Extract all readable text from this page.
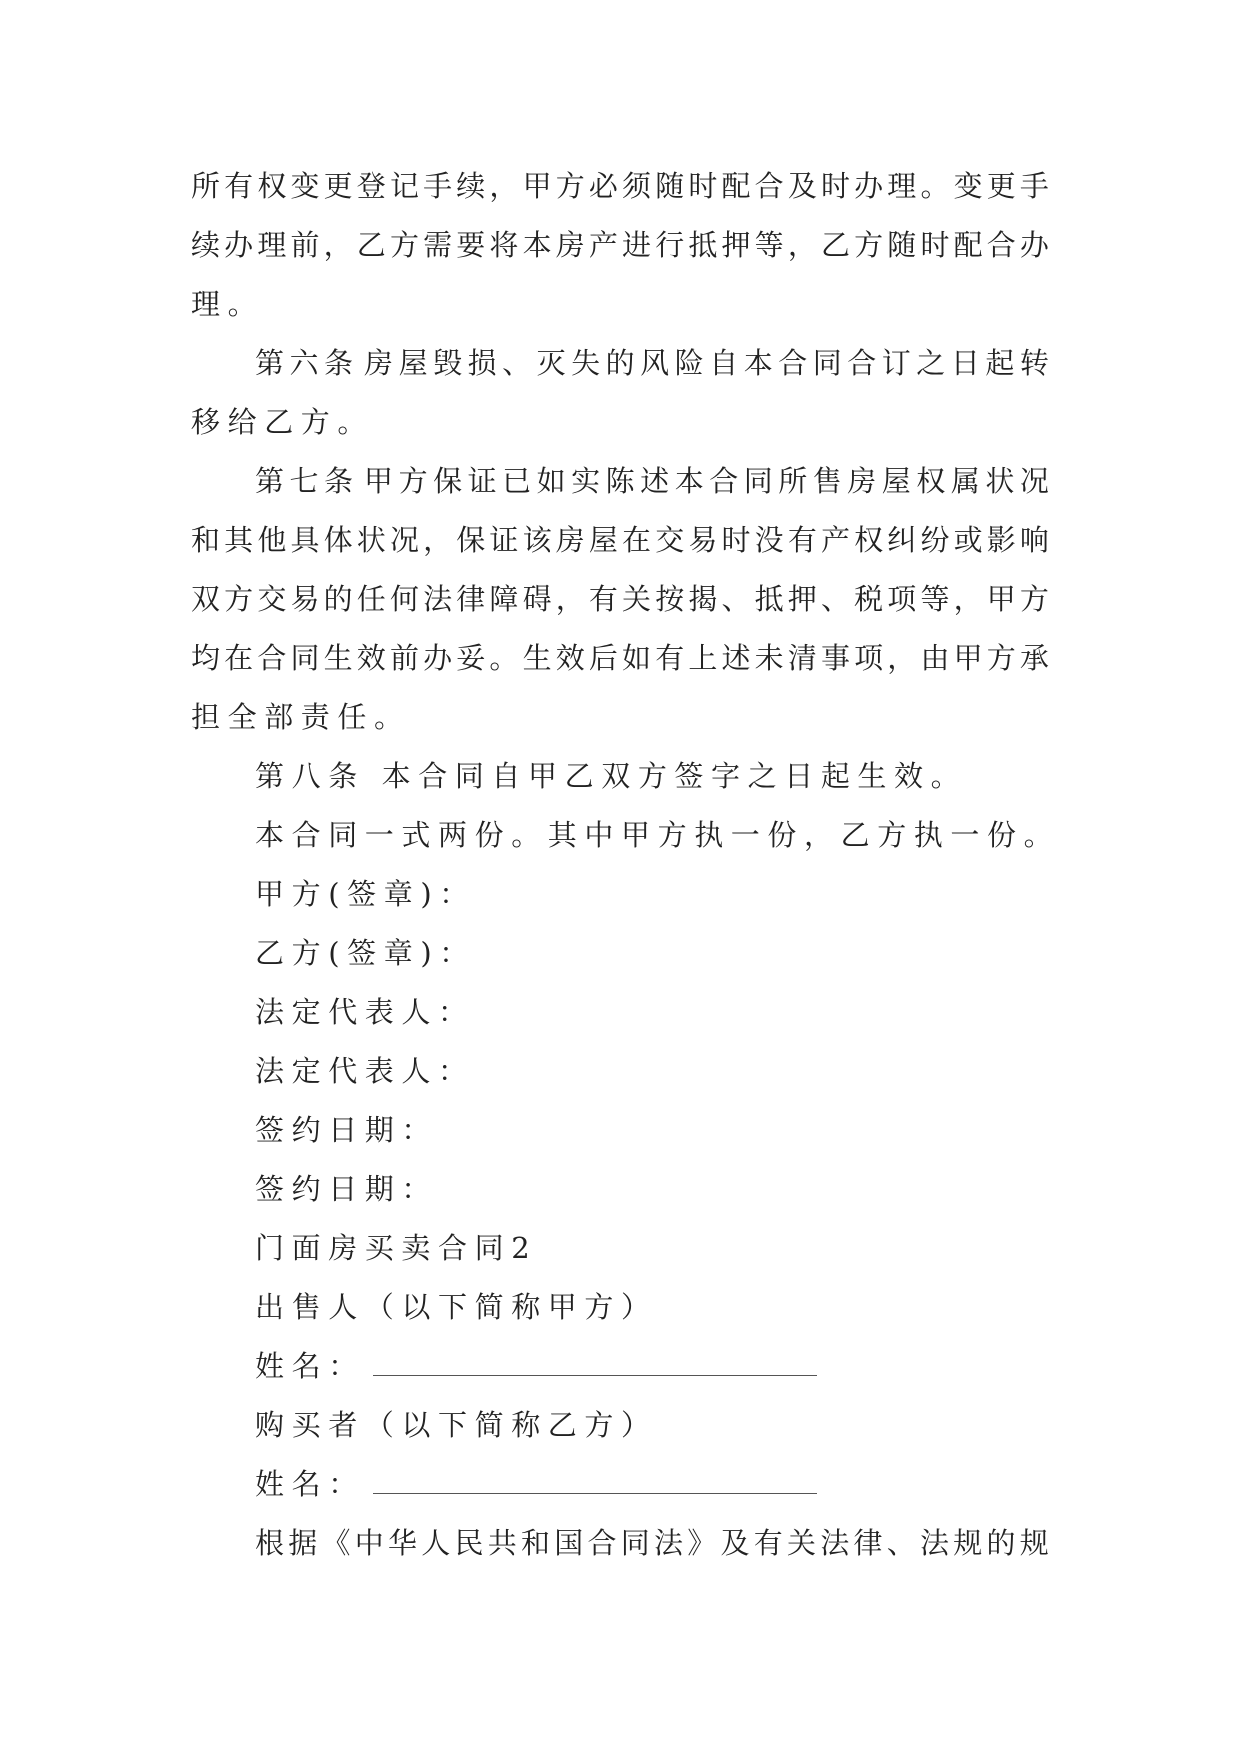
所 有 权 变 更 登 记 手 续 ， 甲 方 必 须 随 时 配 合 及 时 办 理 。 变 更 手
续 办 理 前 ， 乙 方 需 要 将 本 房 产 进 行 抵 押 等 ， 乙 方 随 时 配 合 办
理。
第 六 条 房 屋 毁 损 、 灭 失 的 风 险 自 本 合 同 合 订 之 日 起 转
移给乙方。
第 七 条 甲 方 保 证 已 如 实 陈 述 本 合 同 所 售 房 屋 权 属 状 况
和 其 他 具 体 状 况 ， 保 证 该 房 屋 在 交 易 时 没 有 产 权 纠 纷 或 影 响
双 方 交 易 的 任 何 法 律 障 碍 ， 有 关 按 揭 、 抵 押 、 税 项 等 ， 甲 方
均 在 合 同 生 效 前 办 妥 。 生 效 后 如 有 上 述 未 清 事 项 ， 由 甲 方 承
担全部责任。
第八条 本合同自甲乙双方签字之日起生效。
本合同一式两份。其中甲方执一份，乙方执一份。
甲方(签章)：
乙方(签章)：
法定代表人：
法定代表人：
签约日期：
签约日期：
门面房买卖合同2
出售人（以下简称甲方）
姓名：
购买者（以下简称乙方）
姓名：
根 据 《 中 华 人 民 共 和 国 合 同 法 》 及 有 关 法 律 、 法 规 的 规
